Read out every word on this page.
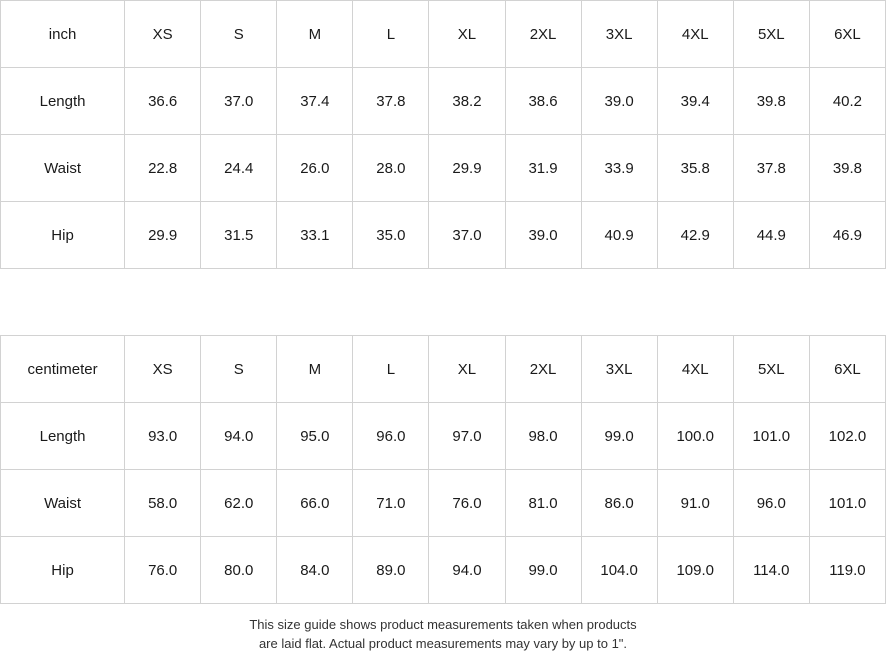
inch	XS	S	M	L	XL	2XL	3XL	4XL	5XL	6XL
Length	36.6	37.0	37.4	37.8	38.2	38.6	39.0	39.4	39.8	40.2
Waist	22.8	24.4	26.0	28.0	29.9	31.9	33.9	35.8	37.8	39.8
Hip	29.9	31.5	33.1	35.0	37.0	39.0	40.9	42.9	44.9	46.9

centimeter	XS	S	M	L	XL	2XL	3XL	4XL	5XL	6XL
Length	93.0	94.0	95.0	96.0	97.0	98.0	99.0	100.0	101.0	102.0
Waist	58.0	62.0	66.0	71.0	76.0	81.0	86.0	91.0	96.0	101.0
Hip	76.0	80.0	84.0	89.0	94.0	99.0	104.0	109.0	114.0	119.0
This size guide shows product measurements taken when products
are laid flat. Actual product measurements may vary by up to 1".
